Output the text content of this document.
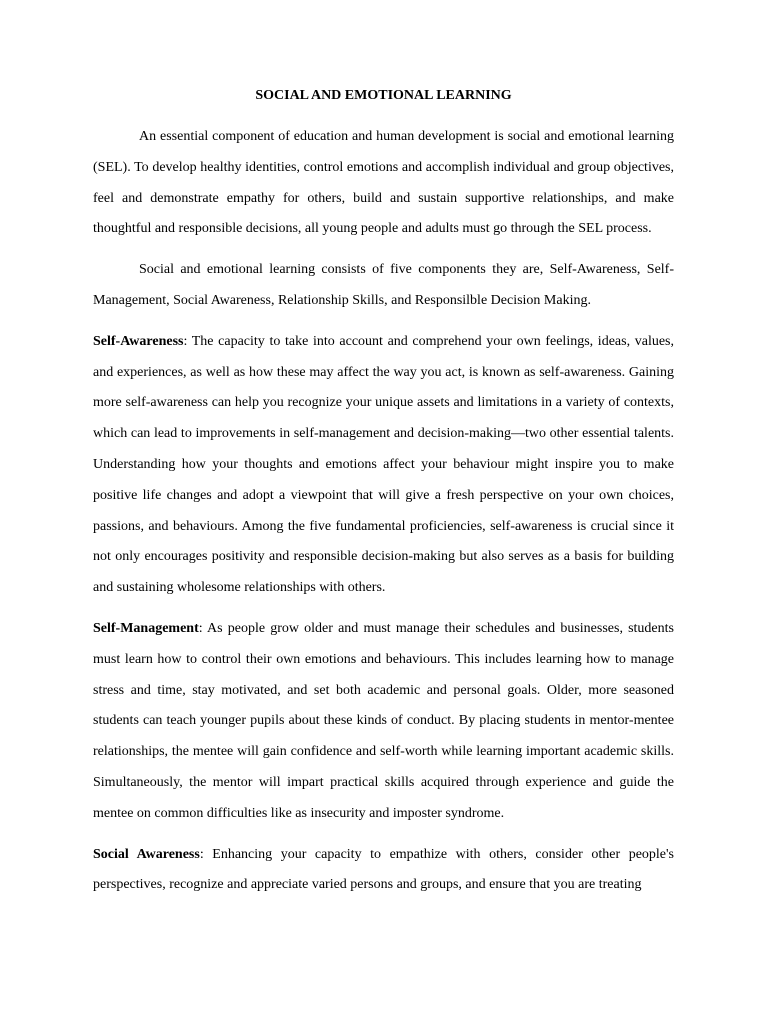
SOCIAL AND EMOTIONAL LEARNING

An essential component of education and human development is social and emotional learning (SEL). To develop healthy identities, control emotions and accomplish individual and group objectives, feel and demonstrate empathy for others, build and sustain supportive relationships, and make thoughtful and responsible decisions, all young people and adults must go through the SEL process.

Social and emotional learning consists of five components they are, Self-Awareness, Self-Management, Social Awareness, Relationship Skills, and Responsilble Decision Making.

Self-Awareness: The capacity to take into account and comprehend your own feelings, ideas, values, and experiences, as well as how these may affect the way you act, is known as self-awareness. Gaining more self-awareness can help you recognize your unique assets and limitations in a variety of contexts, which can lead to improvements in self-management and decision-making—two other essential talents. Understanding how your thoughts and emotions affect your behaviour might inspire you to make positive life changes and adopt a viewpoint that will give a fresh perspective on your own choices, passions, and behaviours. Among the five fundamental proficiencies, self-awareness is crucial since it not only encourages positivity and responsible decision-making but also serves as a basis for building and sustaining wholesome relationships with others.

Self-Management: As people grow older and must manage their schedules and businesses, students must learn how to control their own emotions and behaviours. This includes learning how to manage stress and time, stay motivated, and set both academic and personal goals. Older, more seasoned students can teach younger pupils about these kinds of conduct. By placing students in mentor-mentee relationships, the mentee will gain confidence and self-worth while learning important academic skills. Simultaneously, the mentor will impart practical skills acquired through experience and guide the mentee on common difficulties like as insecurity and imposter syndrome.

Social Awareness: Enhancing your capacity to empathize with others, consider other people's perspectives, recognize and appreciate varied persons and groups, and ensure that you are treating
